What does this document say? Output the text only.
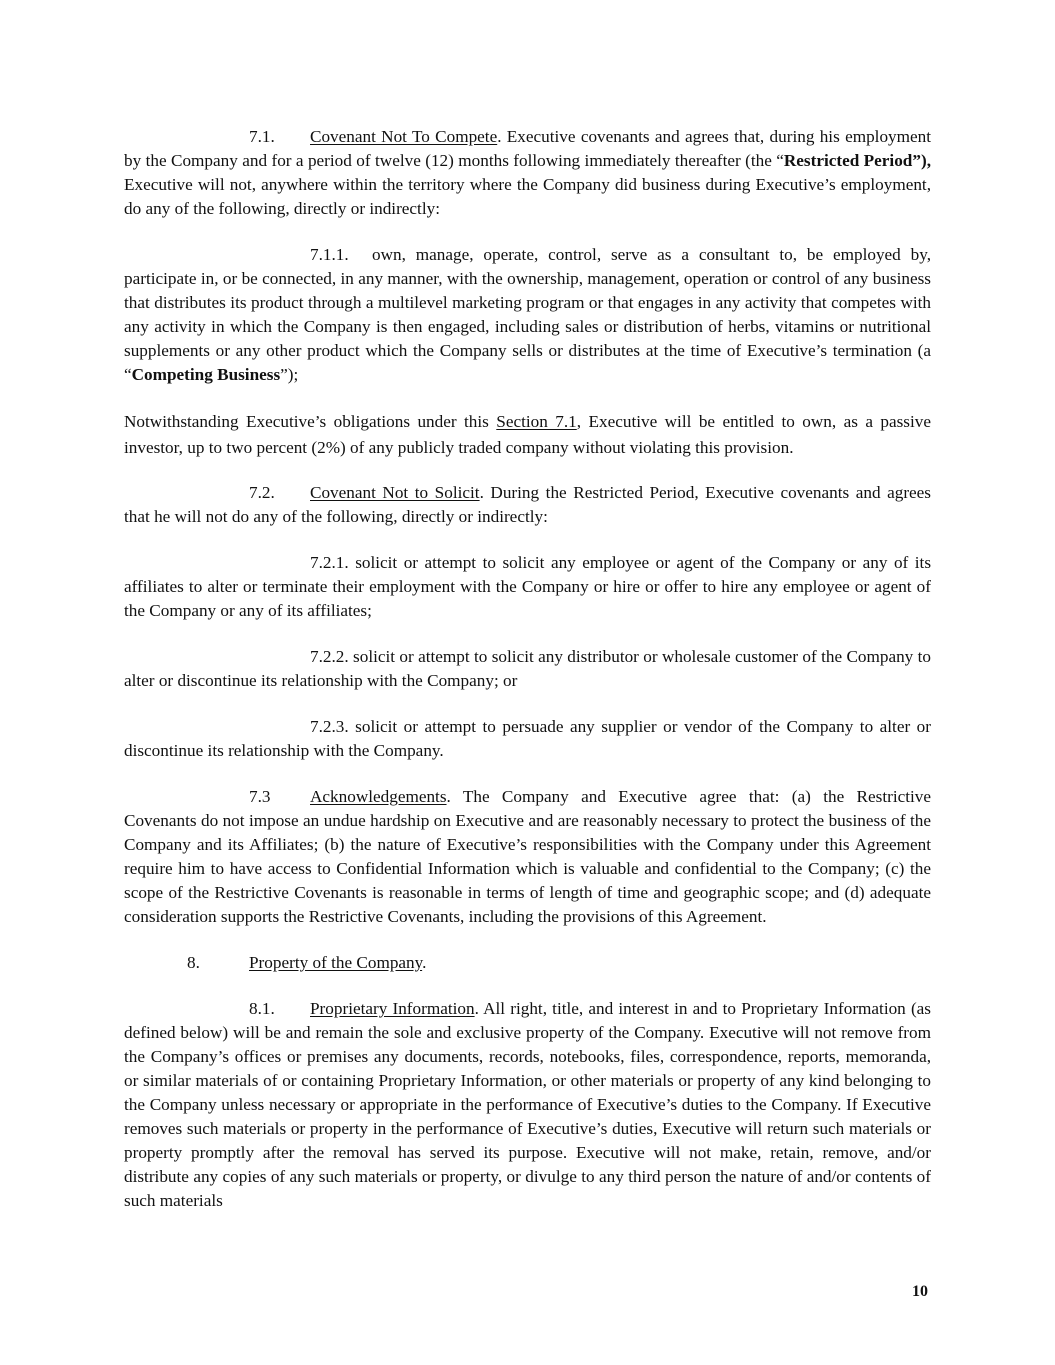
7.1. Covenant Not To Compete. Executive covenants and agrees that, during his employment by the Company and for a period of twelve (12) months following immediately thereafter (the “Restricted Period”), Executive will not, anywhere within the territory where the Company did business during Executive’s employment, do any of the following, directly or indirectly:

7.1.1. own, manage, operate, control, serve as a consultant to, be employed by, participate in, or be connected, in any manner, with the ownership, management, operation or control of any business that distributes its product through a multilevel marketing program or that engages in any activity that competes with any activity in which the Company is then engaged, including sales or distribution of herbs, vitamins or nutritional supplements or any other product which the Company sells or distributes at the time of Executive’s termination (a “Competing Business”);

Notwithstanding Executive’s obligations under this Section 7.1, Executive will be entitled to own, as a passive investor, up to two percent (2%) of any publicly traded company without violating this provision.

7.2. Covenant Not to Solicit. During the Restricted Period, Executive covenants and agrees that he will not do any of the following, directly or indirectly:

7.2.1. solicit or attempt to solicit any employee or agent of the Company or any of its affiliates to alter or terminate their employment with the Company or hire or offer to hire any employee or agent of the Company or any of its affiliates;

7.2.2. solicit or attempt to solicit any distributor or wholesale customer of the Company to alter or discontinue its relationship with the Company; or

7.2.3. solicit or attempt to persuade any supplier or vendor of the Company to alter or discontinue its relationship with the Company.

7.3 Acknowledgements. The Company and Executive agree that: (a) the Restrictive Covenants do not impose an undue hardship on Executive and are reasonably necessary to protect the business of the Company and its Affiliates; (b) the nature of Executive’s responsibilities with the Company under this Agreement require him to have access to Confidential Information which is valuable and confidential to the Company; (c) the scope of the Restrictive Covenants is reasonable in terms of length of time and geographic scope; and (d) adequate consideration supports the Restrictive Covenants, including the provisions of this Agreement.

8.	Property of the Company.

8.1. Proprietary Information. All right, title, and interest in and to Proprietary Information (as defined below) will be and remain the sole and exclusive property of the Company. Executive will not remove from the Company’s offices or premises any documents, records, notebooks, files, correspondence, reports, memoranda, or similar materials of or containing Proprietary Information, or other materials or property of any kind belonging to the Company unless necessary or appropriate in the performance of Executive’s duties to the Company. If Executive removes such materials or property in the performance of Executive’s duties, Executive will return such materials or property promptly after the removal has served its purpose. Executive will not make, retain, remove, and/or distribute any copies of any such materials or property, or divulge to any third person the nature of and/or contents of such materials

10
